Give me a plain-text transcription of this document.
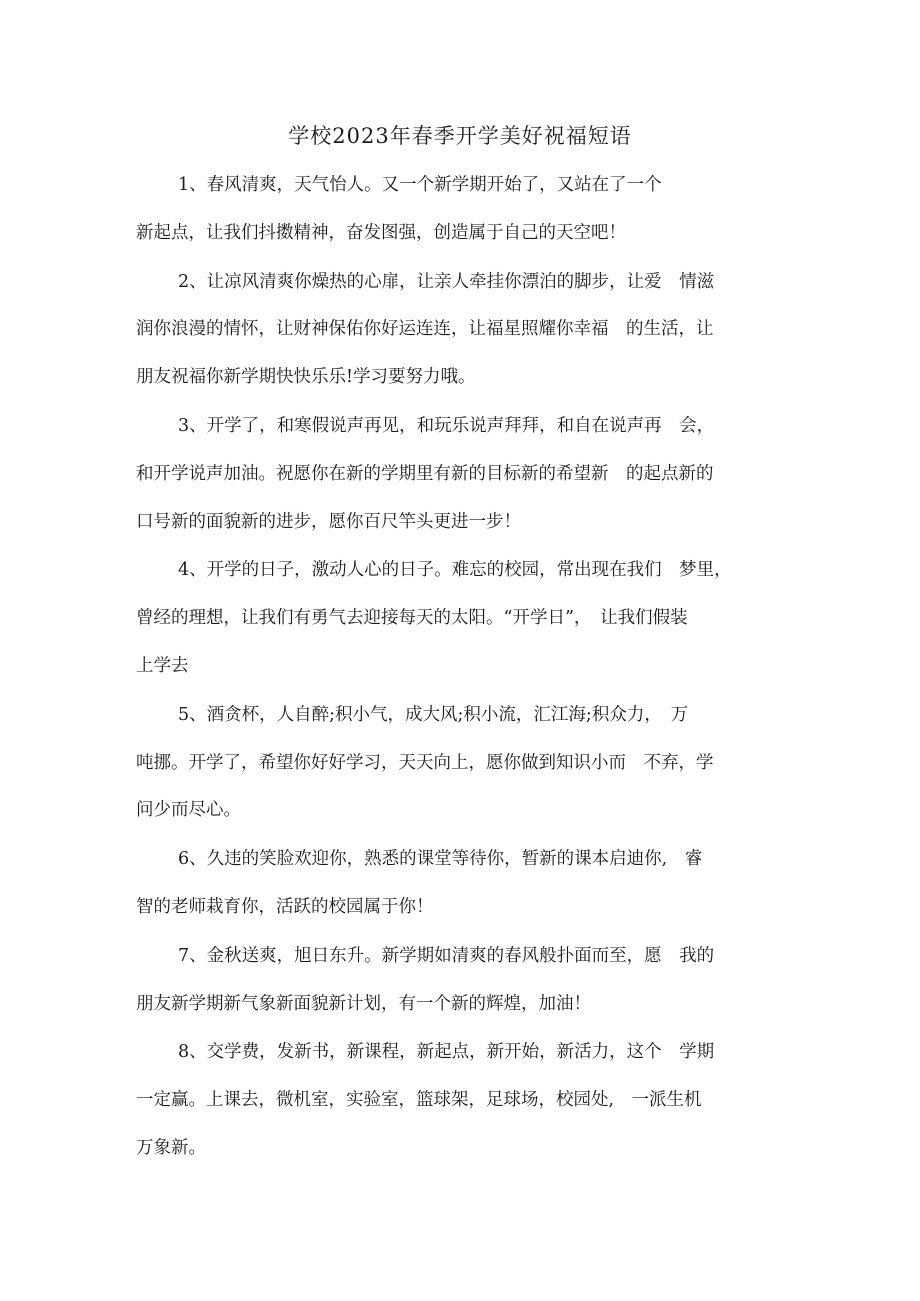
学校2023年春季开学美好祝福短语
1、春风清爽，天气怡人。又一个新学期开始了，又站在了一个
新起点，让我们抖擞精神，奋发图强，创造属于自己的天空吧！
2、让凉风清爽你燥热的心扉，让亲人牵挂你漂泊的脚步，让爱　情滋
润你浪漫的情怀，让财神保佑你好运连连，让福星照耀你幸福　的生活，让
朋友祝福你新学期快快乐乐!学习要努力哦。
3、开学了，和寒假说声再见，和玩乐说声拜拜，和自在说声再　会，
和开学说声加油。祝愿你在新的学期里有新的目标新的希望新　的起点新的
口号新的面貌新的进步，愿你百尺竿头更进一步！
4、开学的日子，激动人心的日子。难忘的校园，常出现在我们　梦里，
曾经的理想，让我们有勇气去迎接每天的太阳。“开学日”，　让我们假装
上学去
5、酒贪杯，人自醉;积小气，成大风;积小流，汇江海;积众力，　万
吨挪。开学了，希望你好好学习，天天向上，愿你做到知识小而　不弃，学
问少而尽心。
6、久违的笑脸欢迎你，熟悉的课堂等待你，暂新的课本启迪你,　睿
智的老师栽育你，活跃的校园属于你！
7、金秋送爽，旭日东升。新学期如清爽的春风般扑面而至，愿　我的
朋友新学期新气象新面貌新计划，有一个新的辉煌，加油！
8、交学费，发新书，新课程，新起点，新开始，新活力，这个　学期
一定赢。上课去，微机室，实验室，篮球架，足球场，校园处,　一派生机
万象新。
